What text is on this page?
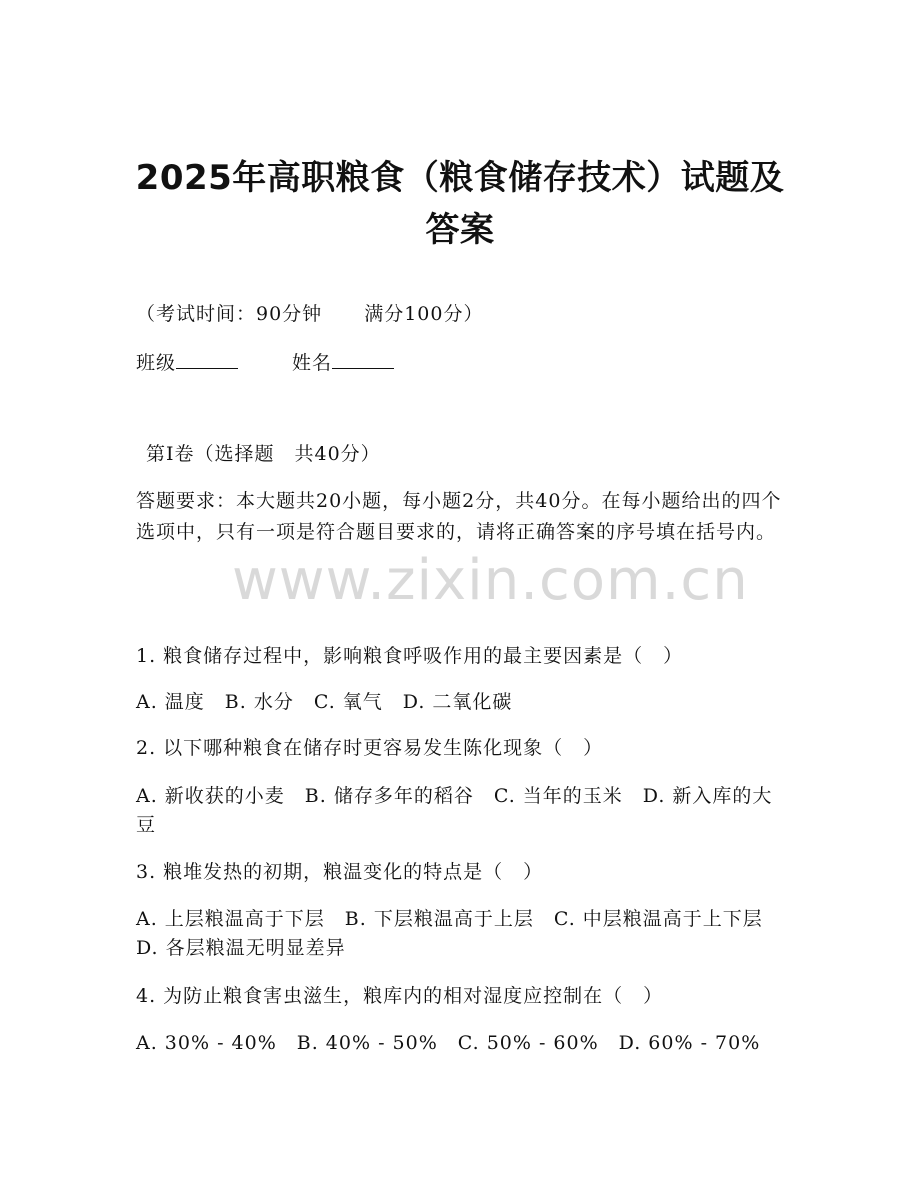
2025年高职粮食（粮食储存技术）试题及答案
（考试时间：90分钟 满分100分）
班级	姓名
第Ⅰ卷（选择题　共40分）
答题要求：本大题共20小题，每小题2分，共40分。在每小题给出的四个选项中，只有一项是符合题目要求的，请将正确答案的序号填在括号内。
www.zixin.com.cn
1. 粮食储存过程中，影响粮食呼吸作用的最主要因素是（　）
A. 温度　B. 水分　C. 氧气　D. 二氧化碳
2. 以下哪种粮食在储存时更容易发生陈化现象（　）
A. 新收获的小麦　B. 储存多年的稻谷　C. 当年的玉米　D. 新入库的大豆
3. 粮堆发热的初期，粮温变化的特点是（　）
A. 上层粮温高于下层　B. 下层粮温高于上层　C. 中层粮温高于上下层　D. 各层粮温无明显差异
4. 为防止粮食害虫滋生，粮库内的相对湿度应控制在（　）
A. 30% - 40%　B. 40% - 50%　C. 50% - 60%　D. 60% - 70%
